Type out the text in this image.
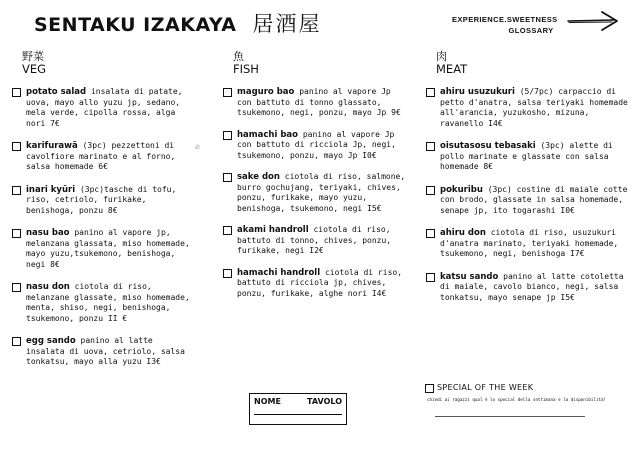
SENTAKU IZAKAYA 居酒屋	EXPERIENCE.SWEETNESS
GLOSSARY
野菜
VEG
potato salad insalata di patate, uova, mayo allo yuzu jp, sedano, mela verde, cipolla rossa, alga nori 7€
karifurawā (3pc) pezzettoni di cavolfiore marinato e al forno, salsa homemade 6€
🔥︎
inari kyūri (3pc)tasche di tofu, riso, cetriolo, furikake, benishoga, ponzu 8€
nasu bao panino al vapore jp, melanzana glassata, miso homemade, mayo yuzu,tsukemono, benishoga, negi 8€
nasu don ciotola di riso, melanzane glassate, miso homemade, menta, shiso, negi, benishoga, tsukemono, ponzu II €
egg sando panino al latte insalata di uova, cetriolo, salsa tonkatsu, mayo alla yuzu I3€
魚
FISH
maguro bao panino al vapore Jp con battuto di tonno glassato, tsukemono, negi, ponzu, mayo Jp 9€
hamachi bao panino al vapore Jp con battuto di ricciola Jp, negi, tsukemono, ponzu, mayo Jp I0€
sake don ciotola di riso, salmone, burro gochujang, teriyaki, chives, ponzu, furikake, mayo yuzu, benishoga, tsukemono, negi I5€
akami handroll ciotola di riso, battuto di tonno, chives, ponzu, furikake, negi I2€
hamachi handroll ciotola di riso, battuto di ricciola jp, chives, ponzu, furikake, alghe nori I4€
肉
MEAT
ahiru usuzukuri (5/7pc) carpaccio di petto d'anatra, salsa teriyaki homemade all'arancia, yuzukosho, mizuna, ravanello I4€
oisutasosu tebasaki (3pc) alette di pollo marinate e glassate con salsa homemade 8€
pokuribu (3pc) costine di maiale cotte con brodo, glassate in salsa homemade, senape jp, ito togarashi I0€
ahiru don ciotola di riso, usuzukuri d'anatra marinato, teriyaki homemade, tsukemono, negi, benishoga I7€
katsu sando panino al latte cotoletta di maiale, cavolo bianco, negi, salsa tonkatsu, mayo senape jp I5€
NOME	TAVOLO
SPECIAL OF THE WEEK
chiedi ai ragazzi qual è lo special della settimana e la disponibilità!
